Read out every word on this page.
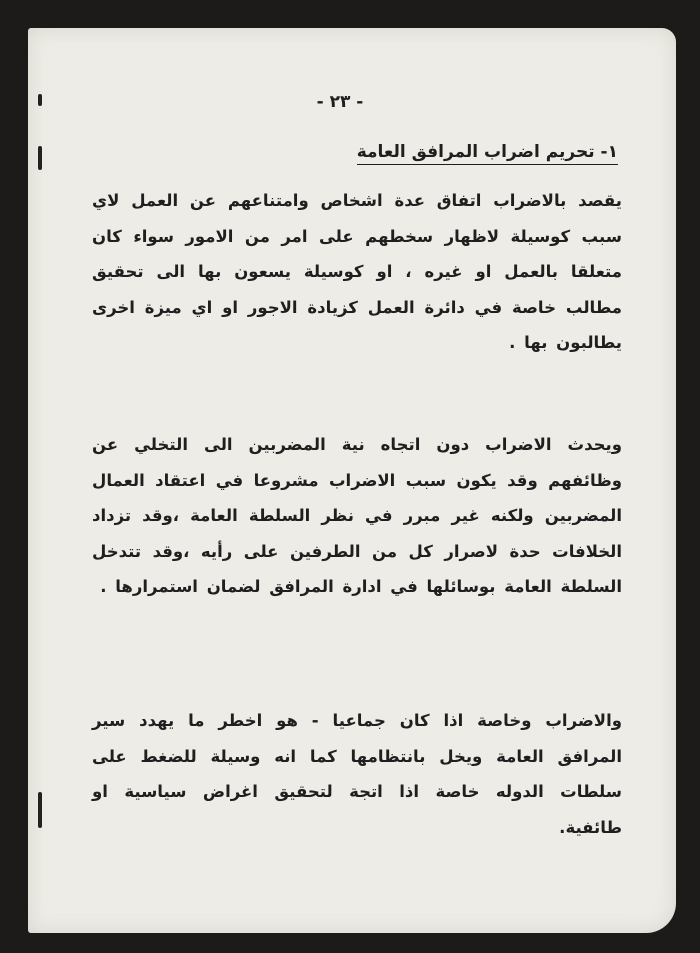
- ٢٣ -
١- تحريم اضراب المرافق العامة
يقصد بالاضراب اتفاق عدة اشخاص وامتناعهم عن العمل لاي سبب كوسيلة لاظهار سخطهم على امر من الامور سواء كان متعلقا بالعمل او غيره ، او كوسيلة يسعون بها الى تحقيق مطالب خاصة في دائرة العمل كزيادة الاجور او اي ميزة اخرى يطالبون بها .
ويحدث الاضراب دون اتجاه نية المضربين الى التخلي عن وظائفهم وقد يكون سبب الاضراب مشروعا في اعتقاد العمال المضربين ولكنه غير مبرر في نظر السلطة العامة ،وقد تزداد الخلافات حدة لاصرار كل من الطرفين على رأيه ،وقد تتدخل السلطة العامة بوسائلها في ادارة المرافق لضمان استمرارها .
والاضراب وخاصة اذا كان جماعيا - هو اخطر ما يهدد سير المرافق العامة ويخل بانتظامها كما انه وسيلة للضغط على سلطات الدوله خاصة اذا اتجة لتحقيق اغراض سياسية او طائفية.
